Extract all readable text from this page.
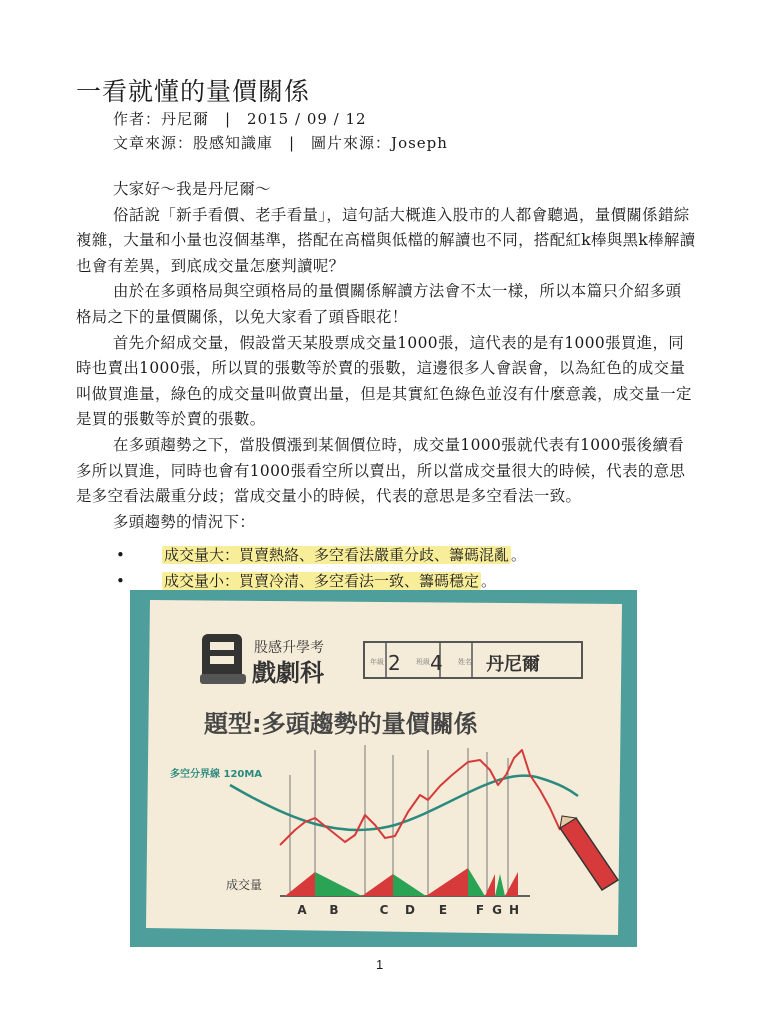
一看就懂的量價關係
作者：丹尼爾　|　2015 / 09 / 12
文章來源：股感知識庫　|　圖片來源：Joseph

大家好～我是丹尼爾～

俗話說「新手看價、老手看量」，這句話大概進入股市的人都會聽過，量價關係錯綜複雜，大量和小量也沒個基準，搭配在高檔與低檔的解讀也不同，搭配紅k棒與黑k棒解讀也會有差異，到底成交量怎麼判讀呢？

由於在多頭格局與空頭格局的量價關係解讀方法會不太一樣，所以本篇只介紹多頭格局之下的量價關係，以免大家看了頭昏眼花！

首先介紹成交量，假設當天某股票成交量1000張，這代表的是有1000張買進，同時也賣出1000張，所以買的張數等於賣的張數，這邊很多人會誤會，以為紅色的成交量叫做買進量，綠色的成交量叫做賣出量，但是其實紅色綠色並沒有什麼意義，成交量一定是買的張數等於賣的張數。

在多頭趨勢之下，當股價漲到某個價位時，成交量1000張就代表有1000張後續看多所以買進，同時也會有1000張看空所以賣出，所以當成交量很大的時候，代表的意思是多空看法嚴重分歧；當成交量小的時候，代表的意思是多空看法一致。

多頭趨勢的情況下：

•	成交量大：買賣熱絡、多空看法嚴重分歧、籌碼混亂 。
•	成交量小：買賣冷清、多空看法一致、籌碼穩定 。
股感升學考
戲劇科	年級 2 班級 4 姓名 丹尼爾
題型:多頭趨勢的量價關係
多空分界線 120MA
成交量
A B	C D E F G H
1
